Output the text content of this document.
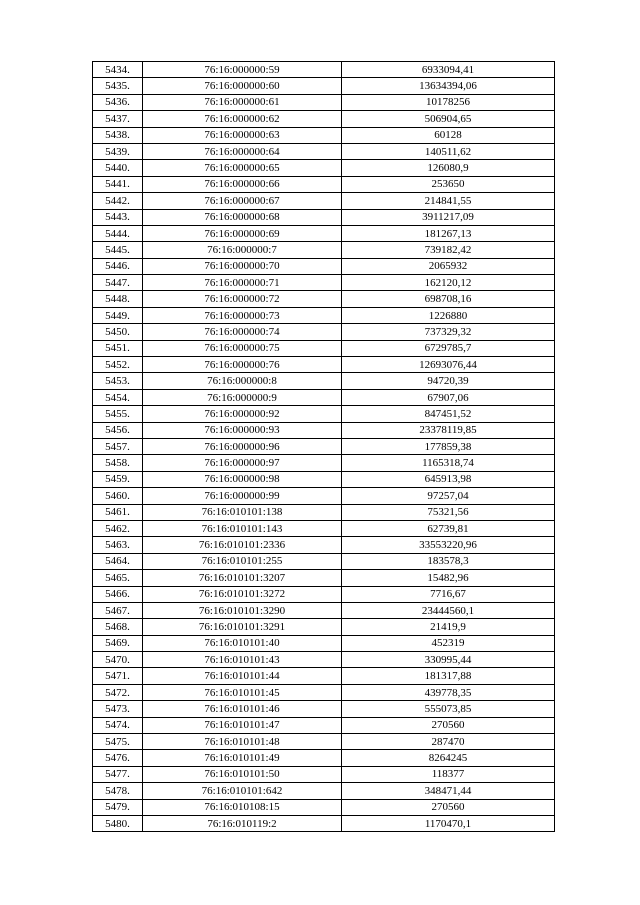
5434.	76:16:000000:59	6933094,41
5435.	76:16:000000:60	13634394,06
5436.	76:16:000000:61	10178256
5437.	76:16:000000:62	506904,65
5438.	76:16:000000:63	60128
5439.	76:16:000000:64	140511,62
5440.	76:16:000000:65	126080,9
5441.	76:16:000000:66	253650
5442.	76:16:000000:67	214841,55
5443.	76:16:000000:68	3911217,09
5444.	76:16:000000:69	181267,13
5445.	76:16:000000:7	739182,42
5446.	76:16:000000:70	2065932
5447.	76:16:000000:71	162120,12
5448.	76:16:000000:72	698708,16
5449.	76:16:000000:73	1226880
5450.	76:16:000000:74	737329,32
5451.	76:16:000000:75	6729785,7
5452.	76:16:000000:76	12693076,44
5453.	76:16:000000:8	94720,39
5454.	76:16:000000:9	67907,06
5455.	76:16:000000:92	847451,52
5456.	76:16:000000:93	23378119,85
5457.	76:16:000000:96	177859,38
5458.	76:16:000000:97	1165318,74
5459.	76:16:000000:98	645913,98
5460.	76:16:000000:99	97257,04
5461.	76:16:010101:138	75321,56
5462.	76:16:010101:143	62739,81
5463.	76:16:010101:2336	33553220,96
5464.	76:16:010101:255	183578,3
5465.	76:16:010101:3207	15482,96
5466.	76:16:010101:3272	7716,67
5467.	76:16:010101:3290	23444560,1
5468.	76:16:010101:3291	21419,9
5469.	76:16:010101:40	452319
5470.	76:16:010101:43	330995,44
5471.	76:16:010101:44	181317,88
5472.	76:16:010101:45	439778,35
5473.	76:16:010101:46	555073,85
5474.	76:16:010101:47	270560
5475.	76:16:010101:48	287470
5476.	76:16:010101:49	8264245
5477.	76:16:010101:50	118377
5478.	76:16:010101:642	348471,44
5479.	76:16:010108:15	270560
5480.	76:16:010119:2	1170470,1
